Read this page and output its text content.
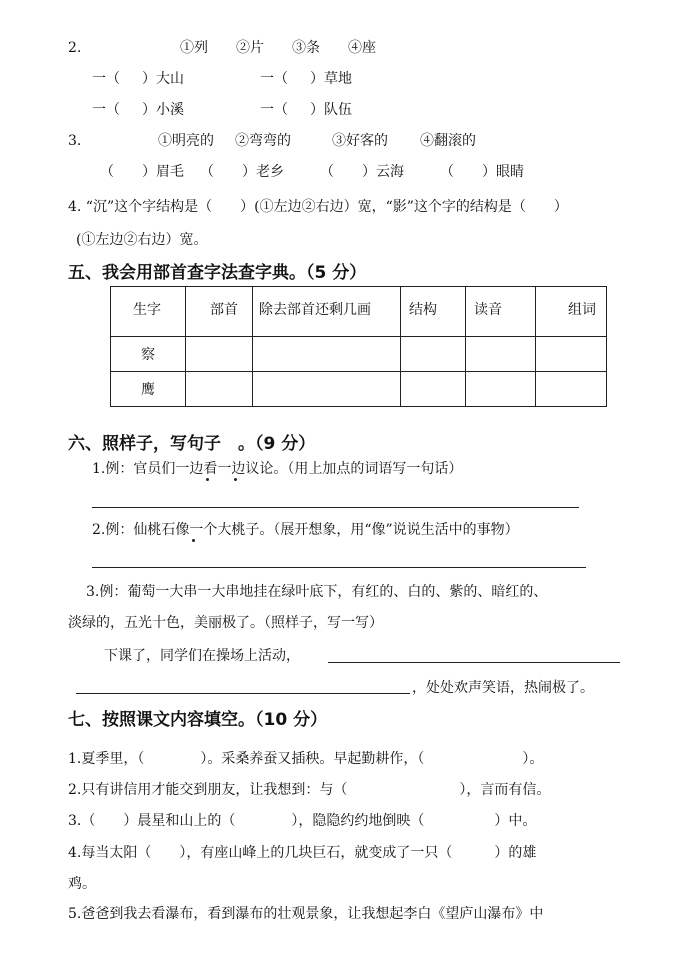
2.	①列 ②片 ③条 ④座
一（ ）大山	一（ ）草地
一（ ）小溪	一（ ）队伍
3.	①明亮的 ②弯弯的	③好客的 ④翻滚的
（　　）眉毛 （　　）老乡	（　　）云海	（　　）眼睛
4. “沉”这个字结构是（　　）(①左边②右边）宽，“影”这个字的结构是（　　）
(①左边②右边）宽。
五、我会用部首查字法查字典。（5 分）
生字	部首	除去部首还剩几画	结构	读音	组词
察					
鹰					
六、照样子，写句子　。（9 分）
1.例：官员们一边看一边议论。（用上加点的词语写一句话）
2.例：仙桃石像一个大桃子。（展开想象，用“像”说说生活中的事物）
3.例：葡萄一大串一大串地挂在绿叶底下，有红的、白的、紫的、暗红的、
淡绿的，五光十色，美丽极了。（照样子，写一写）
下课了，同学们在操场上活动，
，处处欢声笑语，热闹极了。
七、按照课文内容填空。（10 分）
1.夏季里，（　　　　）。采桑养蚕又插秧。早起勤耕作，（　　　　　　　）。
2.只有讲信用才能交到朋友，让我想到：与（　　　　　　　　），言而有信。
3.（　　）晨星和山上的（　　　　），隐隐约约地倒映（　　　　　）中。
4.每当太阳（　　），有座山峰上的几块巨石，就变成了一只（　　　）的雄
鸡。
5.爸爸到我去看瀑布，看到瀑布的壮观景象，让我想起李白《望庐山瀑布》中
